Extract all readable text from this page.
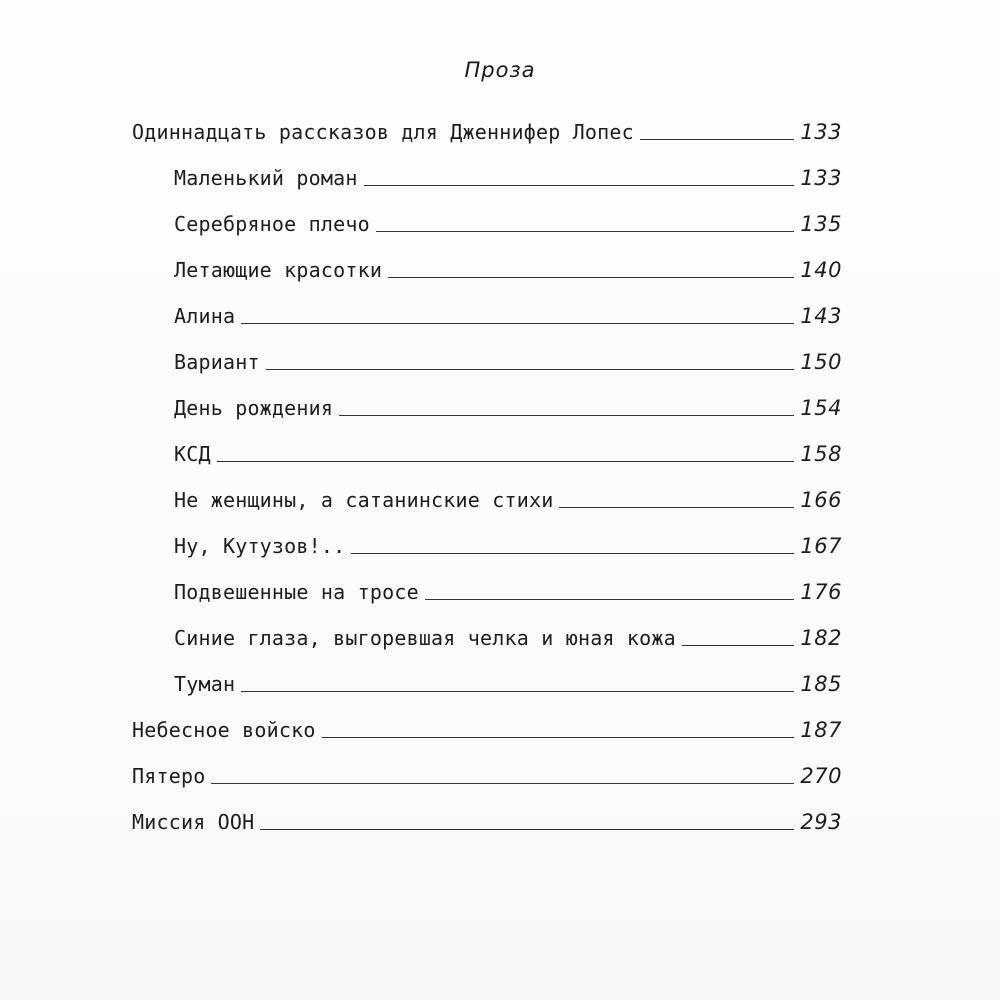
Проза
Одиннадцать рассказов для Дженнифер Лопес	133
Маленький роман	133
Серебряное плечо	135
Летающие красотки	140
Алина	143
Вариант	150
День рождения	154
КСД	158
Не женщины, а сатанинские стихи	166
Ну, Кутузов!..	167
Подвешенные на тросе	176
Синие глаза, выгоревшая челка и юная кожа	182
Туман	185
Небесное войско	187
Пятеро	270
Миссия ООН	293
